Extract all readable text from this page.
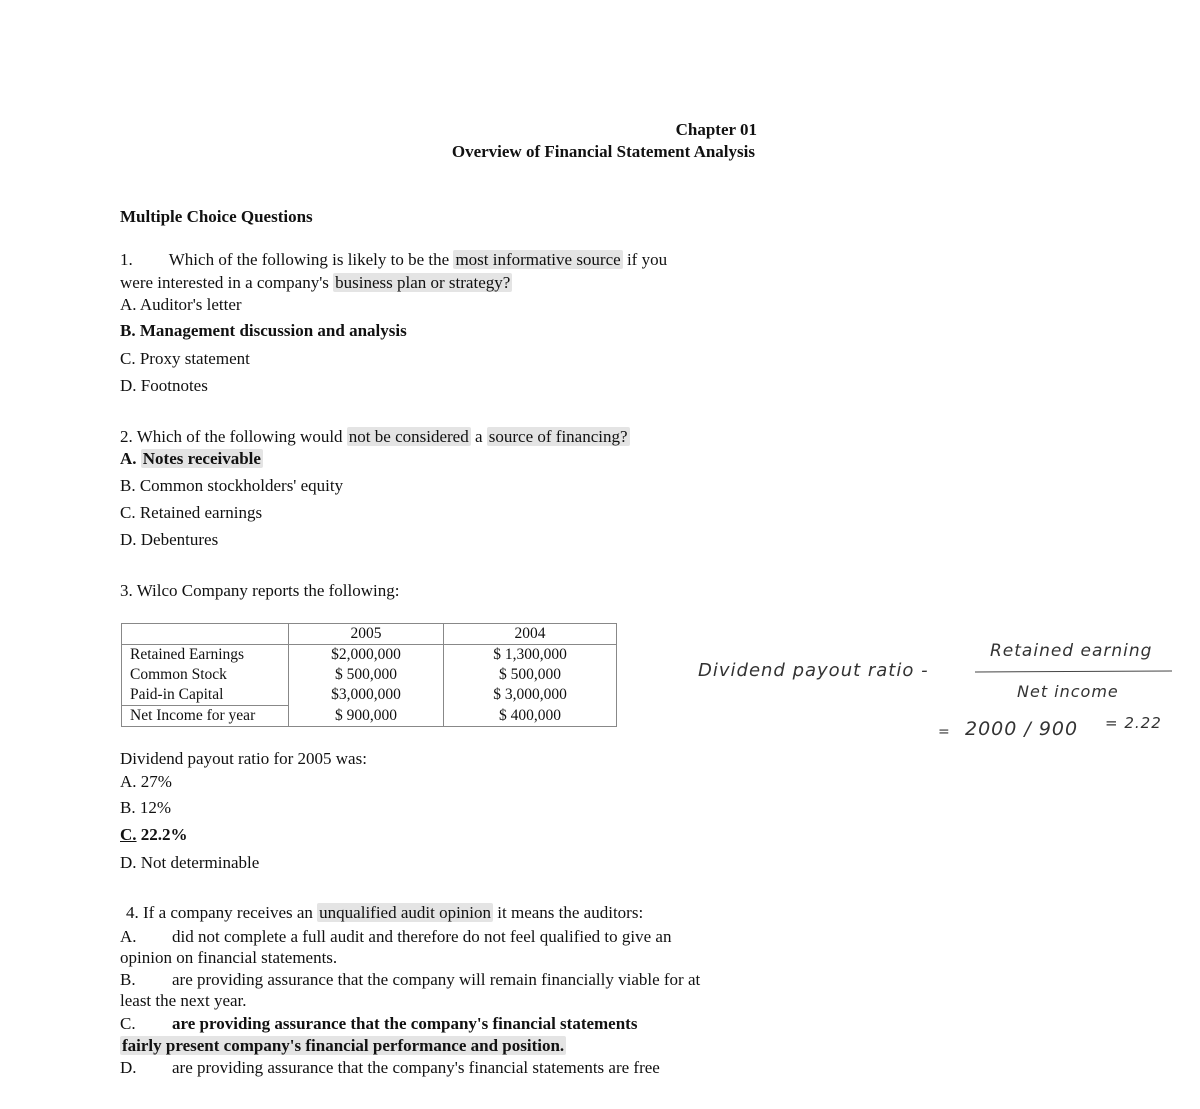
Chapter 01
Overview of Financial Statement Analysis
Multiple Choice Questions
1. Which of the following is likely to be the most informative source if you
were interested in a company's business plan or strategy?
A. Auditor's letter
B. Management discussion and analysis
C. Proxy statement
D. Footnotes
2. Which of the following would not be considered a source of financing?
A. Notes receivable
B. Common stockholders' equity
C. Retained earnings
D. Debentures
3. Wilco Company reports the following:
	2005	2004
Retained Earnings	$2,000,000	$ 1,300,000
Common Stock	$ 500,000	$ 500,000
Paid-in Capital	$3,000,000	$ 3,000,000
Net Income for year	$ 900,000	$ 400,000
Dividend payout ratio for 2005 was:
A. 27%
B. 12%
C. 22.2%
D. Not determinable
Dividend payout ratio -
Retained earning
Net income
= 2000 / 900 = 2.22
4. If a company receives an unqualified audit opinion it means the auditors:
A. did not complete a full audit and therefore do not feel qualified to give an
opinion on financial statements.
B. are providing assurance that the company will remain financially viable for at
least the next year.
C. are providing assurance that the company's financial statements
fairly present company's financial performance and position.
D. are providing assurance that the company's financial statements are free
